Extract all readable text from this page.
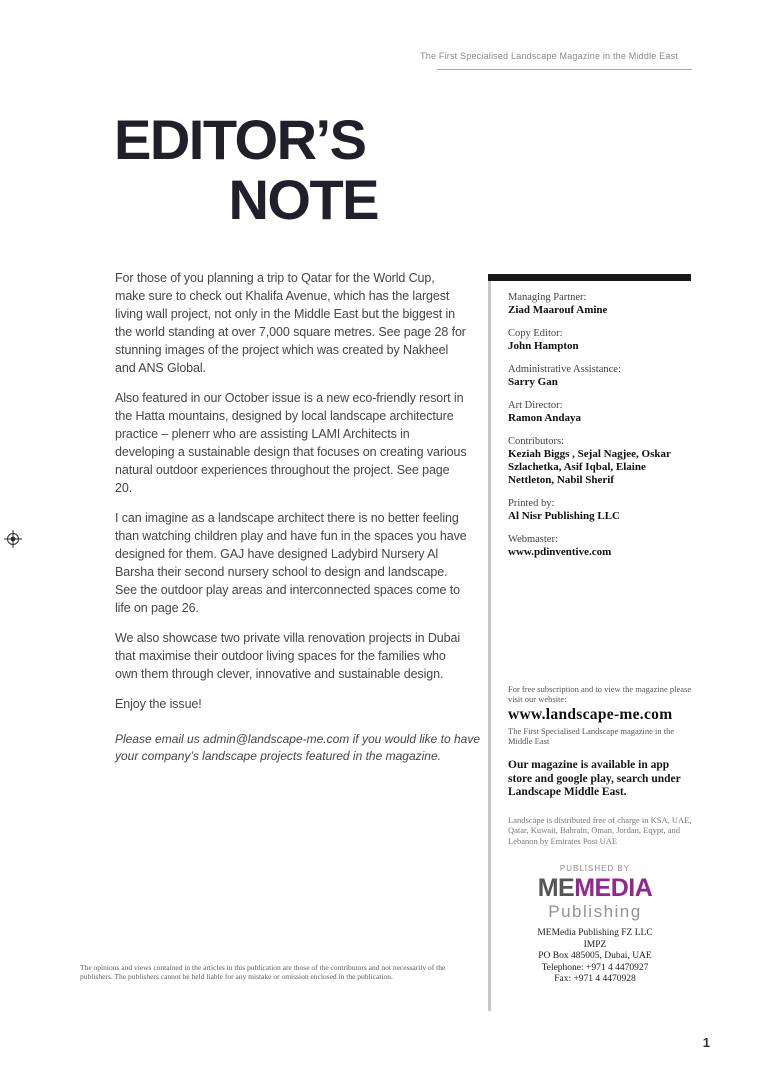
The First Specialised Landscape Magazine in the Middle East
EDITOR’S
NOTE

For those of you planning a trip to Qatar for the World Cup, make sure to check out Khalifa Avenue, which has the largest living wall project, not only in the Middle East but the biggest in the world standing at over 7,000 square metres. See page 28 for stunning images of the project which was created by Nakheel and ANS Global.

Also featured in our October issue is a new eco-friendly resort in the Hatta mountains, designed by local landscape architecture practice – plenerr who are assisting LAMI Architects in developing a sustainable design that focuses on creating various natural outdoor experiences throughout the project. See page 20.

I can imagine as a landscape architect there is no better feeling than watching children play and have fun in the spaces you have designed for them. GAJ have designed Ladybird Nursery Al Barsha their second nursery school to design and landscape. See the outdoor play areas and interconnected spaces come to life on page 26.

We also showcase two private villa renovation projects in Dubai that maximise their outdoor living spaces for the families who own them through clever, innovative and sustainable design.

Enjoy the issue!

Please email us admin@landscape-me.com if you would like to have your company’s landscape projects featured in the magazine.
Managing Partner:
Ziad Maarouf Amine
Copy Editor:
John Hampton
Administrative Assistance:
Sarry Gan
Art Director:
Ramon Andaya
Contributors:
Keziah Biggs , Sejal Nagjee, Oskar Szlachetka, Asif Iqbal, Elaine Nettleton, Nabil Sherif
Printed by:
Al Nisr Publishing LLC
Webmaster:
www.pdinventive.com
For free subscription and to view the magazine please visit our website:
www.landscape-me.com
The First Specialised Landscape magazine in the Middle East
Our magazine is available in app store and google play, search under Landscape Middle East.
Landscape is distributed free of charge in KSA, UAE, Qatar, Kuwait, Bahrain, Oman, Jordan, Eqypt, and Lebanon by Emirates Post UAE
PUBLISHED BY
MEMEDIA
Publishing
MEMedia Publishing FZ LLC
IMPZ
PO Box 485005, Dubai, UAE
Telephone: +971 4 4470927
Fax: +971 4 4470928
The opinions and views contained in the articles in this publication are those of the contributors and not necessarily of the publishers. The publishers cannot be held liable for any mistake or omission enclosed in the publication.
1
